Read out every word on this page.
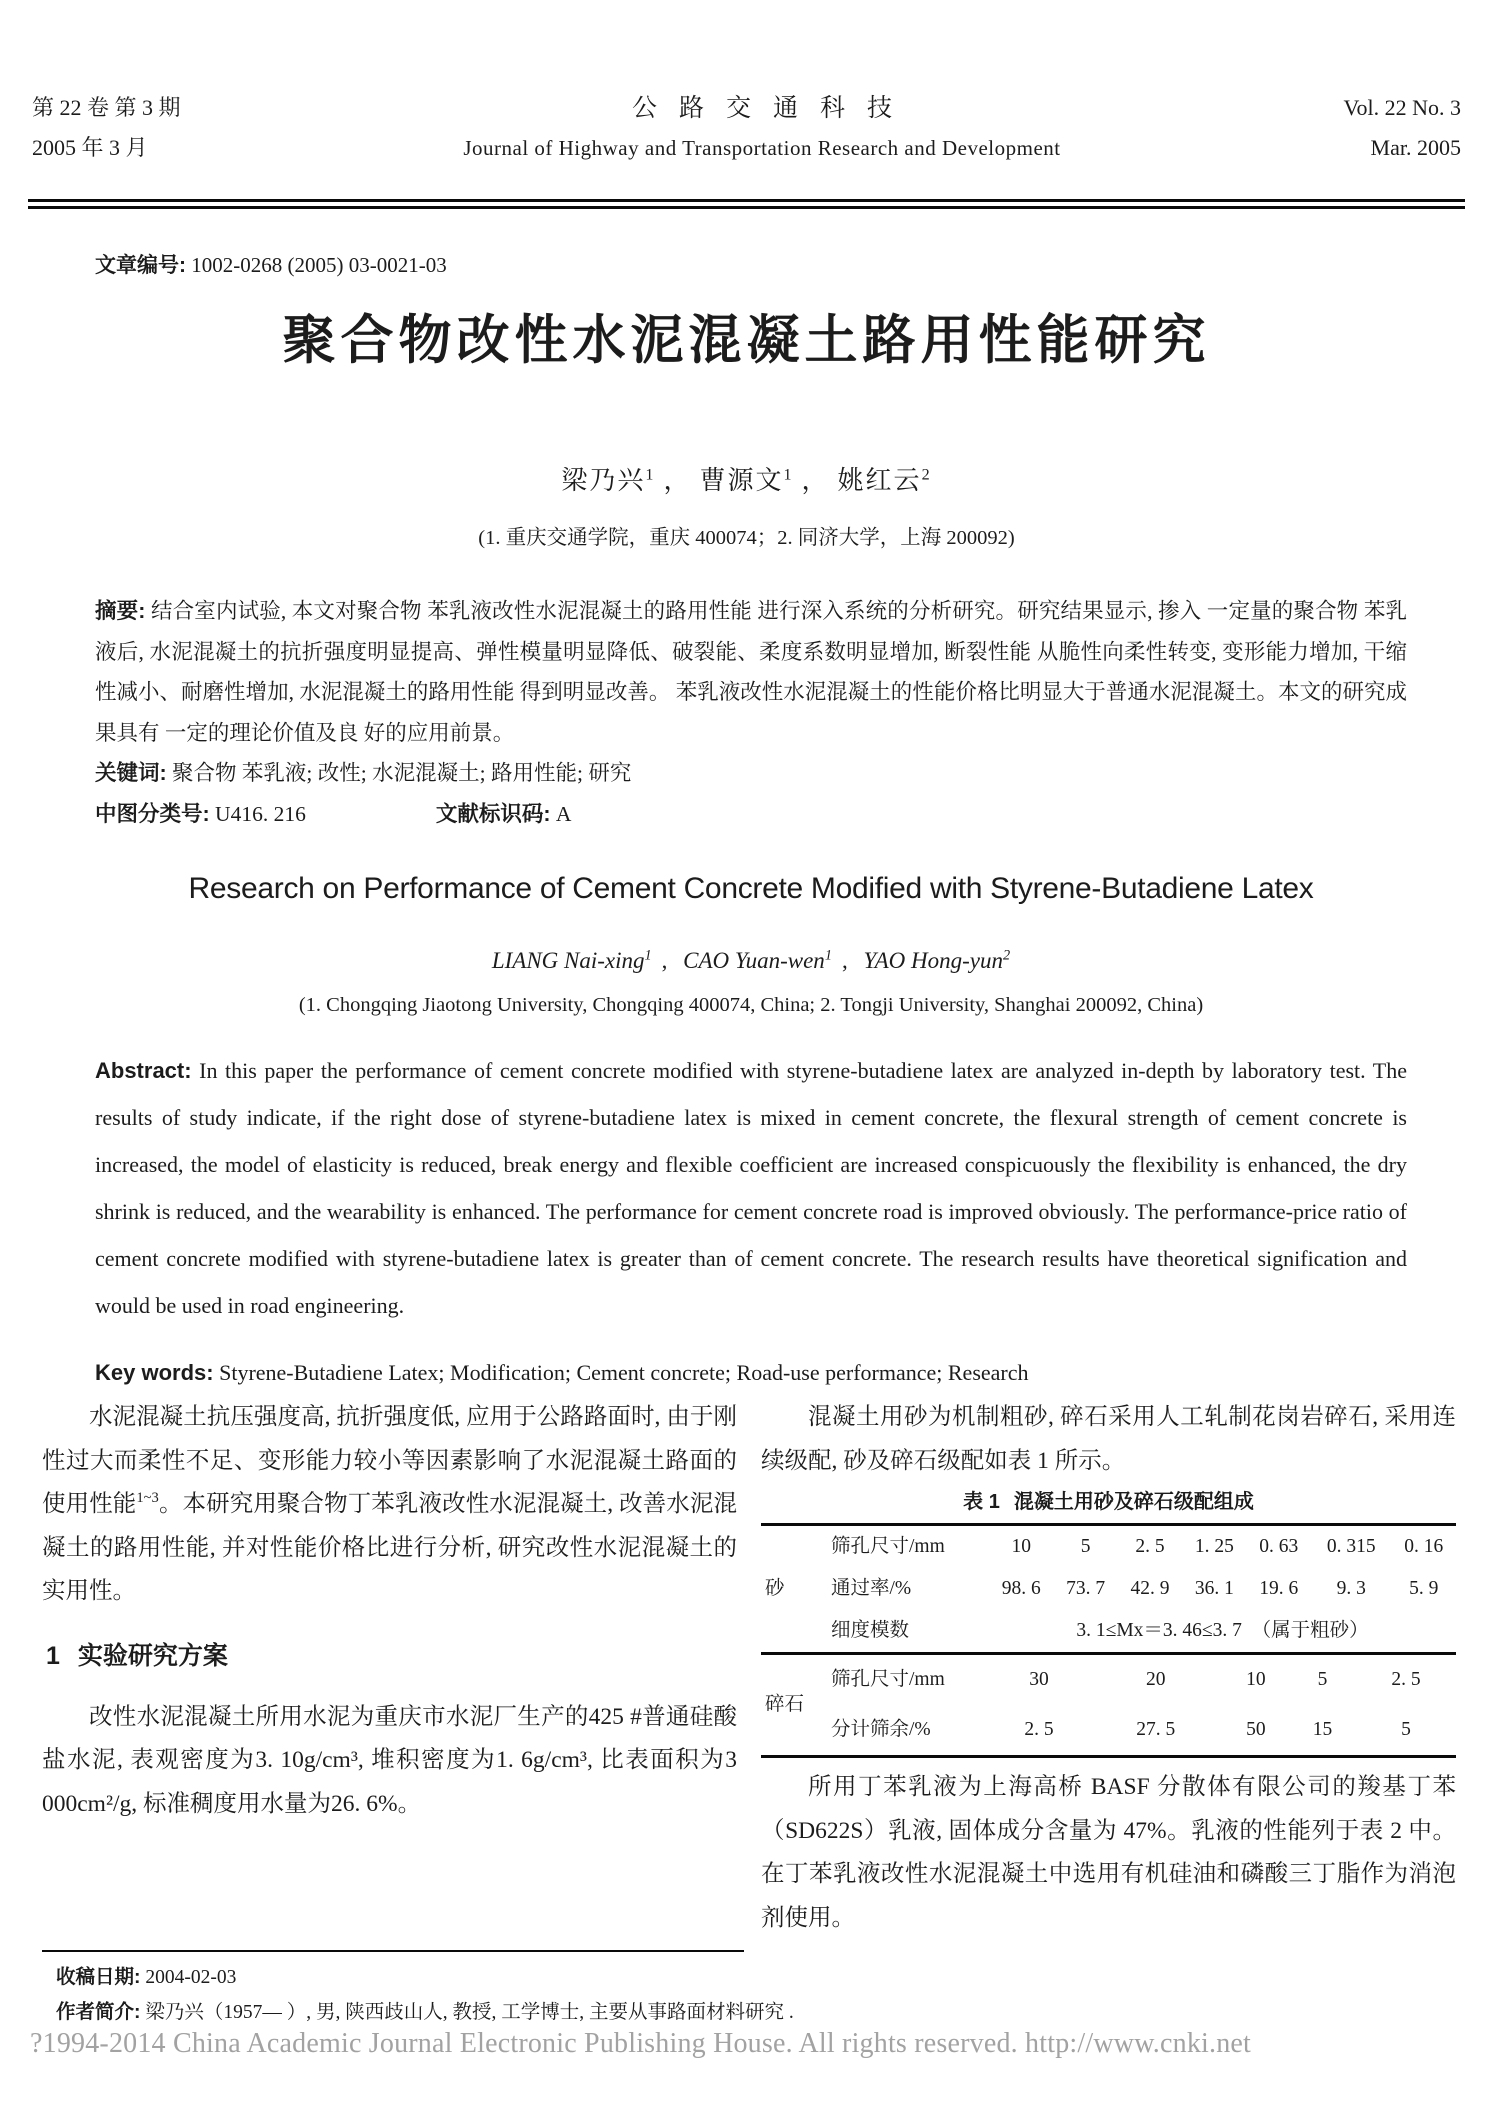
第 22 卷 第 3 期
2005 年 3 月
公路交通科技
Journal of Highway and Transportation Research and Development
Vol. 22 No. 3
Mar. 2005
文章编号: 1002-0268 (2005) 03-0021-03
聚合物改性水泥混凝土路用性能研究
梁乃兴$^1$ ， 曹源文$^1$ ， 姚红云$^2$
(1. 重庆交通学院，重庆 400074；2. 同济大学，上海 200092)

摘要: 结合室内试验, 本文对聚合物 苯乳液改性水泥混凝土的路用性能 进行深入系统的分析研究。研究结果显示, 掺入 一定量的聚合物 苯乳液后, 水泥混凝土的抗折强度明显提高、弹性模量明显降低、破裂能、柔度系数明显增加, 断裂性能 从脆性向柔性转变, 变形能力增加, 干缩性减小、耐磨性增加, 水泥混凝土的路用性能 得到明显改善。 苯乳液改性水泥混凝土的性能价格比明显大于普通水泥混凝土。本文的研究成果具有 一定的理论价值及良 好的应用前景。

关键词: 聚合物 苯乳液; 改性; 水泥混凝土; 路用性能; 研究

中图分类号: U416. 216	文献标识码: A

Research on Performance of Cement Concrete Modified with Styrene-Butadiene Latex
LIANG Nai-xing$^1$ , CAO Yuan-wen$^1$ , YAO Hong-yun$^2$
(1. Chongqing Jiaotong University, Chongqing 400074, China; 2. Tongji University, Shanghai 200092, China)

Abstract: In this paper the performance of cement concrete modified with styrene-butadiene latex are analyzed in-depth by laboratory test. The results of study indicate, if the right dose of styrene-butadiene latex is mixed in cement concrete, the flexural strength of cement concrete is increased, the model of elasticity is reduced, break energy and flexible coefficient are increased conspicuously the flexibility is enhanced, the dry shrink is reduced, and the wearability is enhanced. The performance for cement concrete road is improved obviously. The performance-price ratio of cement concrete modified with styrene-butadiene latex is greater than of cement concrete. The research results have theoretical signification and would be used in road engineering.

Key words: Styrene-Butadiene Latex; Modification; Cement concrete; Road-use performance; Research

水泥混凝土抗压强度高, 抗折强度低, 应用于公路路面时, 由于刚性过大而柔性不足、变形能力较小等因素影响了水泥混凝土路面的使用性能$^{1\sim 3}$。本研究用聚合物丁苯乳液改性水泥混凝土, 改善水泥混凝土的路用性能, 并对性能价格比进行分析, 研究改性水泥混凝土的实用性。

1 实验研究方案

改性水泥混凝土所用水泥为重庆市水泥厂生产的425 #普通硅酸盐水泥, 表观密度为3. 10g/cm³, 堆积密度为1. 6g/cm³, 比表面积为3 000cm²/g, 标准稠度用水量为26. 6%。

混凝土用砂为机制粗砂, 碎石采用人工轧制花岗岩碎石, 采用连续级配, 砂及碎石级配如表 1 所示。

表 1 混凝土用砂及碎石级配组成
砂	筛孔尺寸/mm	10	5	2. 5	1. 25	0. 63	0. 315	0. 16
	通过率/%	98. 6	73. 7	42. 9	36. 1	19. 6	9. 3	5. 9
	细度模数	3. 1≤Mx＝3. 46≤3. 7　（属于粗砂）						
碎石	筛孔尺寸/mm	30	20	10	5	2. 5
	分计筛余/%	2. 5	27. 5	50	15	5

所用丁苯乳液为上海高桥 BASF 分散体有限公司的羧基丁苯（SD622S）乳液, 固体成分含量为 47%。乳液的性能列于表 2 中。在丁苯乳液改性水泥混凝土中选用有机硅油和磷酸三丁脂作为消泡剂使用。

收稿日期: 2004-02-03
作者简介: 梁乃兴（1957— ）, 男, 陕西歧山人, 教授, 工学博士, 主要从事路面材料研究 .
?1994-2014 China Academic Journal Electronic Publishing House. All rights reserved. http://www.cnki.net
